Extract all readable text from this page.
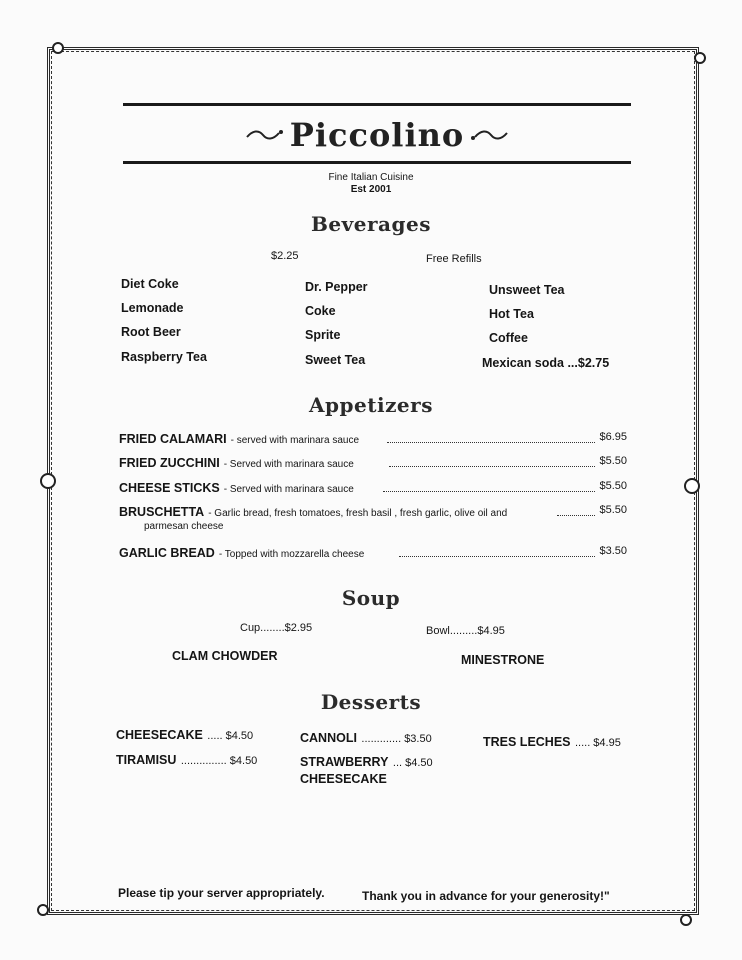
Piccolino
Fine Italian Cuisine
Est 2001
Beverages
$2.25	Free Refills
Diet Coke
Lemonade
Root Beer
Raspberry Tea
Dr. Pepper
Coke
Sprite
Sweet Tea
Unsweet Tea
Hot Tea
Coffee
Mexican soda ...$2.75
Appetizers
FRIED CALAMARI - served with marinara sauce	$6.95
FRIED ZUCCHINI - Served with marinara sauce	$5.50
CHEESE STICKS - Served with marinara sauce	$5.50
BRUSCHETTA - Garlic bread, fresh tomatoes, fresh basil , fresh garlic, olive oil and	$5.50
parmesan cheese
GARLIC BREAD - Topped with mozzarella cheese	$3.50
Soup
Cup........$2.95	Bowl.........$4.95
CLAM CHOWDER	MINESTRONE
Desserts
CHEESECAKE ..... $4.50
TIRAMISU ............... $4.50
CANNOLI ............. $3.50
STRAWBERRY ... $4.50
CHEESECAKE
TRES LECHES ..... $4.95
Please tip your server appropriately.	Thank you in advance for your generosity!"
